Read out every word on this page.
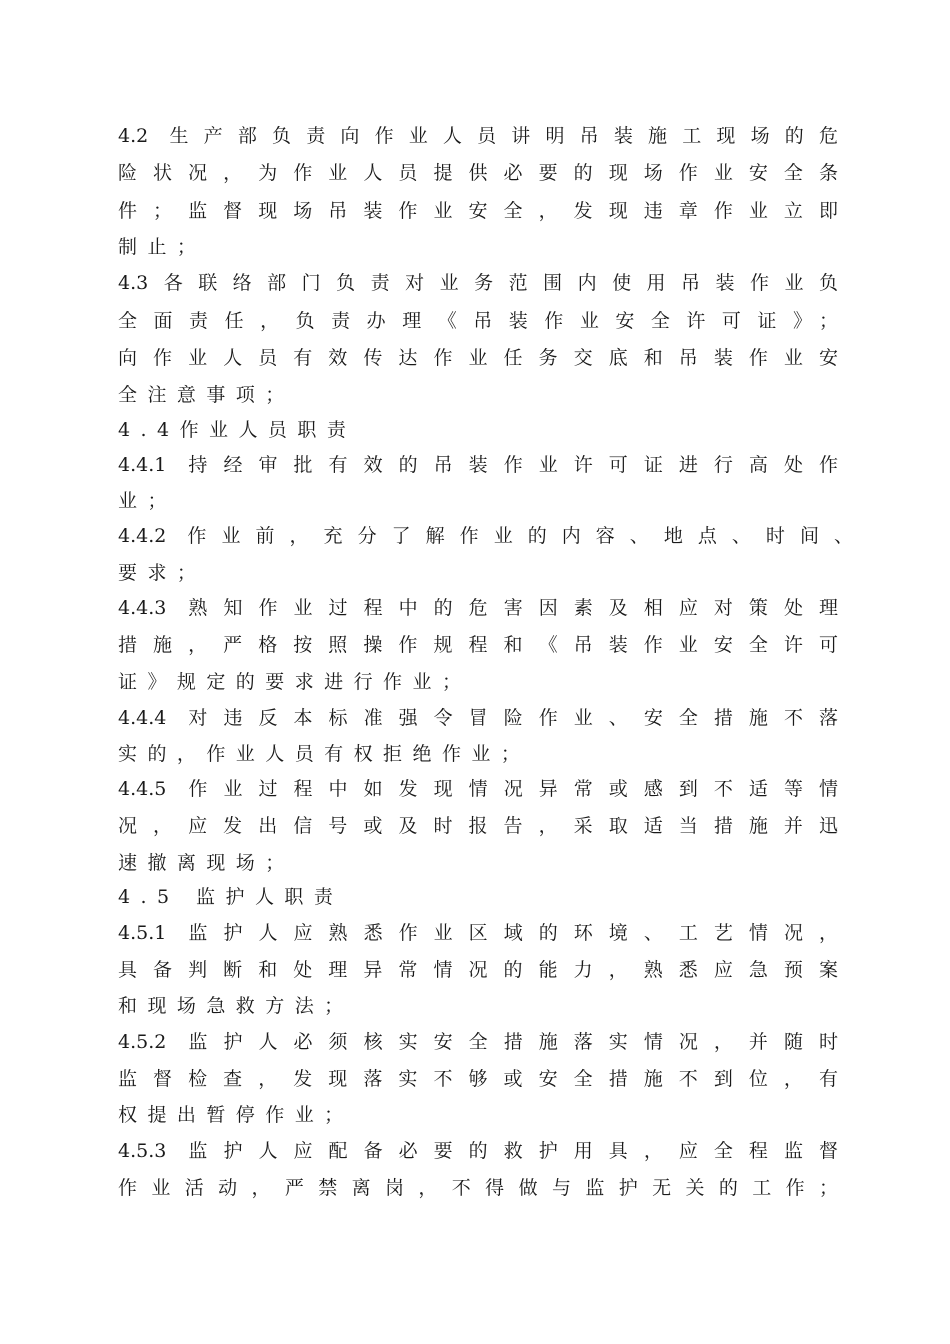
4.2 生产部负责向作业人员讲明吊装施工现场的危
险状况，为作业人员提供必要的现场作业安全条
件；监督现场吊装作业安全，发现违章作业立即
制止；
4.3各联络部门负责对业务范围内使用吊装作业负
全面责任，负责办理《吊装作业安全许可证》；
向作业人员有效传达作业任务交底和吊装作业安
全注意事项；
4.4作业人员职责
4.4.1 持经审批有效的吊装作业许可证进行高处作
业；
4.4.2 作业前，充分了解作业的内容、地点、时间、
要求；
4.4.3 熟知作业过程中的危害因素及相应对策处理
措施，严格按照操作规程和《吊装作业安全许可
证》规定的要求进行作业；
4.4.4 对违反本标准强令冒险作业、安全措施不落
实的，作业人员有权拒绝作业；
4.4.5 作业过程中如发现情况异常或感到不适等情
况，应发出信号或及时报告，采取适当措施并迅
速撤离现场；
4.5 监护人职责
4.5.1 监护人应熟悉作业区域的环境、工艺情况，
具备判断和处理异常情况的能力，熟悉应急预案
和现场急救方法；
4.5.2 监护人必须核实安全措施落实情况，并随时
监督检查，发现落实不够或安全措施不到位，有
权提出暂停作业；
4.5.3 监护人应配备必要的救护用具，应全程监督
作业活动，严禁离岗，不得做与监护无关的工作；
